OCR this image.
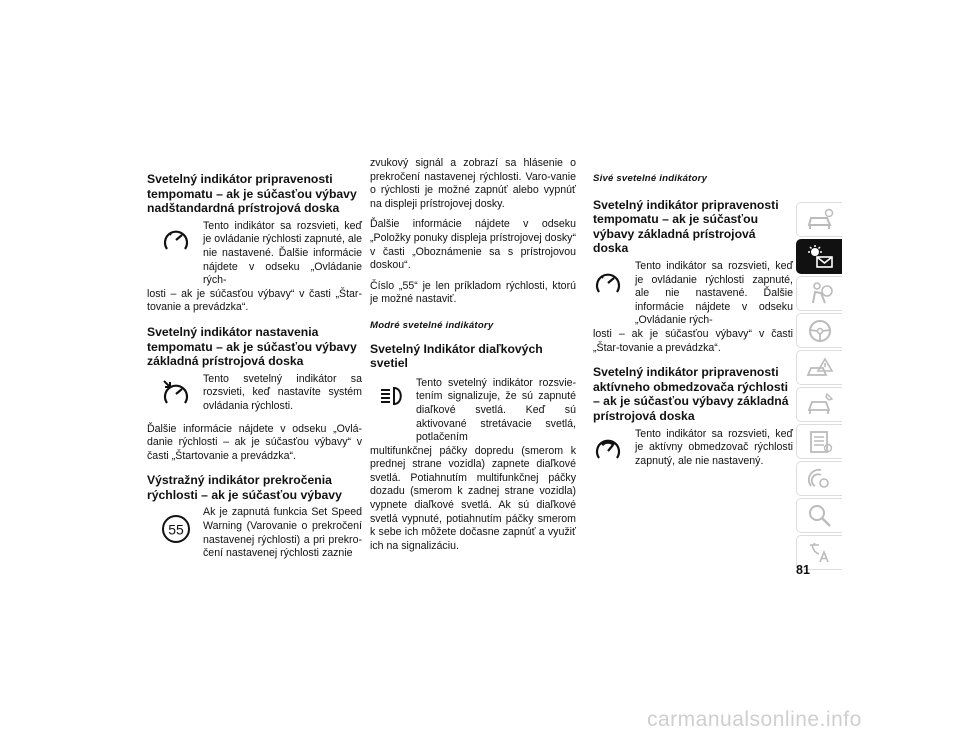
Svetelný indikátor pripravenosti tempomatu – ak je súčasťou výbavy nadštandardná prístrojová doska

Tento indikátor sa rozsvieti, keď je ovládanie rýchlosti zapnuté, ale nie nastavené. Ďalšie informácie nájdete v odseku „Ovládanie rých-

losti – ak je súčasťou výbavy“ v časti „Štar-tovanie a prevádzka“.

Svetelný indikátor nastavenia tempomatu – ak je súčasťou výbavy základná prístrojová doska

Tento svetelný indikátor sa rozsvieti, keď nastavíte systém ovládania rýchlosti.

Ďalšie informácie nájdete v odseku „Ovlá-danie rýchlosti – ak je súčasťou výbavy“ v časti „Štartovanie a prevádzka“.

Výstražný indikátor prekročenia rýchlosti – ak je súčasťou výbavy

55
Ak je zapnutá funkcia Set Speed Warning (Varovanie o prekročení nastavenej rýchlosti) a pri prekro-čení nastavenej rýchlosti zaznie

zvukový signál a zobrazí sa hlásenie o prekročení nastavenej rýchlosti. Varo-vanie o rýchlosti je možné zapnúť alebo vypnúť na displeji prístrojovej dosky.

Ďalšie informácie nájdete v odseku „Položky ponuky displeja prístrojovej dosky“ v časti „Oboznámenie sa s prístrojovou doskou“.

Číslo „55“ je len príkladom rýchlosti, ktorú je možné nastaviť.

Modré svetelné indikátory
Svetelný Indikátor diaľkových svetiel

Tento svetelný indikátor rozsvie-tením signalizuje, že sú zapnuté diaľkové svetlá. Keď sú aktivované stretávacie svetlá, potlačením

multifunkčnej páčky dopredu (smerom k prednej strane vozidla) zapnete diaľkové svetlá. Potiahnutím multifunkčnej páčky dozadu (smerom k zadnej strane vozidla) vypnete diaľkové svetlá. Ak sú diaľkové svetlá vypnuté, potiahnutím páčky smerom k sebe ich môžete dočasne zapnúť a využiť ich na signalizáciu.

Sivé svetelné indikátory
Svetelný indikátor pripravenosti tempomatu – ak je súčasťou výbavy základná prístrojová doska

Tento indikátor sa rozsvieti, keď je ovládanie rýchlosti zapnuté, ale nie nastavené. Ďalšie informácie nájdete v odseku „Ovládanie rých-

losti – ak je súčasťou výbavy“ v časti „Štar-tovanie a prevádzka“.

Svetelný indikátor pripravenosti aktívneho obmedzovača rýchlosti – ak je súčasťou výbavy základná prístrojová doska

Tento indikátor sa rozsvieti, keď je aktívny obmedzovač rýchlosti zapnutý, ale nie nastavený.

81
carmanualsonline.info
